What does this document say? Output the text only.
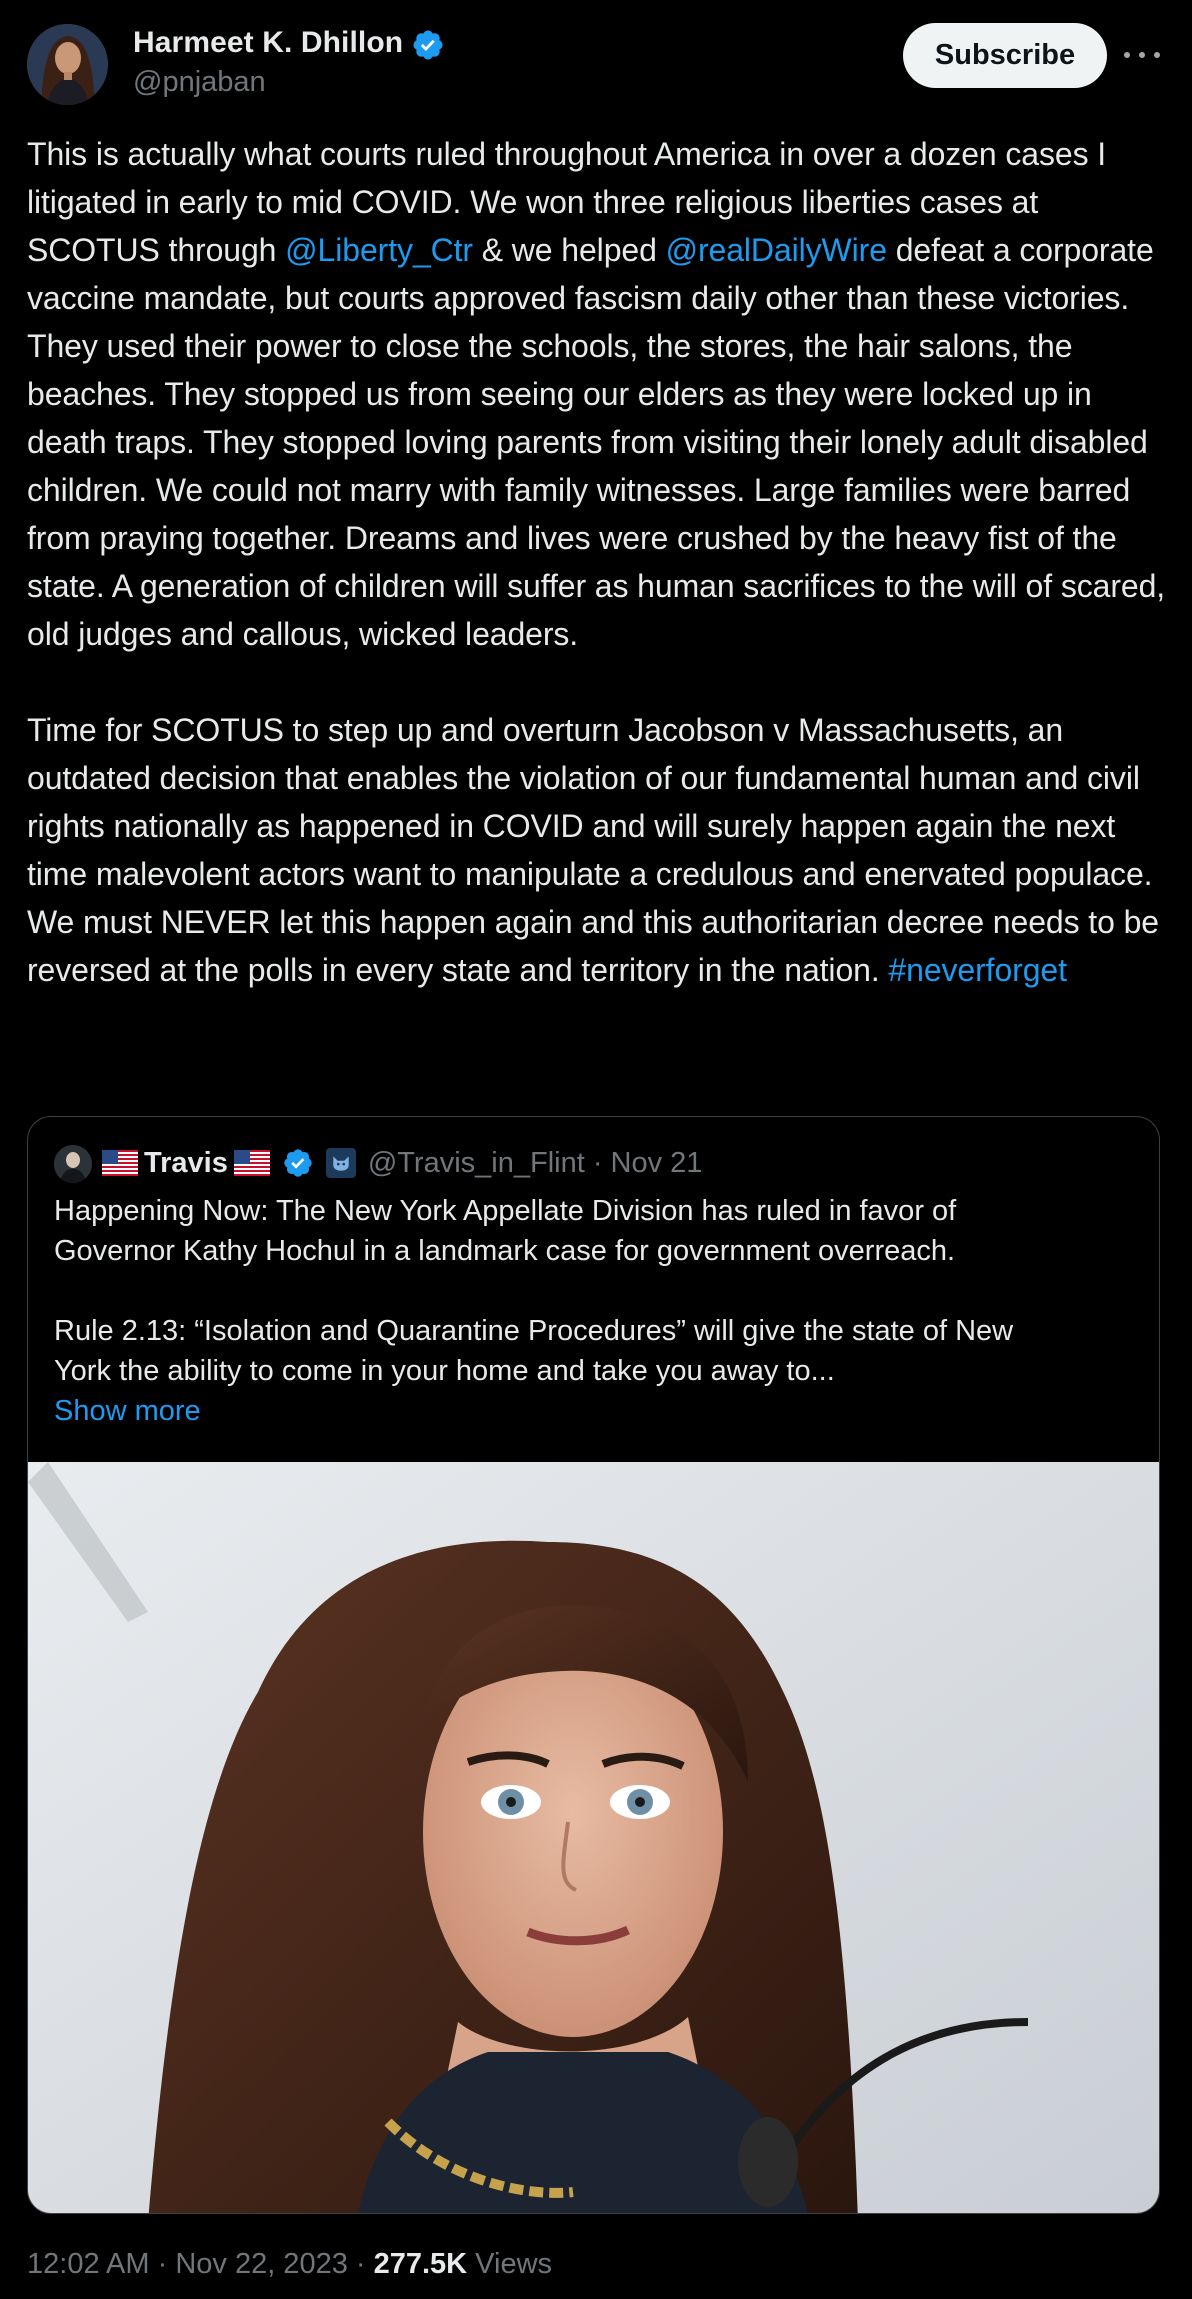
Harmeet K. Dhillon
@pnjaban
Subscribe
This is actually what courts ruled throughout America in over a dozen cases I litigated in early to mid COVID. We won three religious liberties cases at SCOTUS through @Liberty_Ctr & we helped @realDailyWire defeat a corporate vaccine mandate, but courts approved fascism daily other than these victories. They used their power to close the schools, the stores, the hair salons, the beaches. They stopped us from seeing our elders as they were locked up in death traps. They stopped loving parents from visiting their lonely adult disabled children. We could not marry with family witnesses. Large families were barred from praying together. Dreams and lives were crushed by the heavy fist of the state. A generation of children will suffer as human sacrifices to the will of scared, old judges and callous, wicked leaders.
Time for SCOTUS to step up and overturn Jacobson v Massachusetts, an outdated decision that enables the violation of our fundamental human and civil rights nationally as happened in COVID and will surely happen again the next time malevolent actors want to manipulate a credulous and enervated populace. We must NEVER let this happen again and this authoritarian decree needs to be reversed at the polls in every state and territory in the nation. #neverforget
Travis	@Travis_in_Flint · Nov 21
Happening Now: The New York Appellate Division has ruled in favor of
Governor Kathy Hochul in a landmark case for government overreach.
Rule 2.13: “Isolation and Quarantine Procedures” will give the state of New
York the ability to come in your home and take you away to...
Show more
12:02 AM · Nov 22, 2023 · 277.5K Views
